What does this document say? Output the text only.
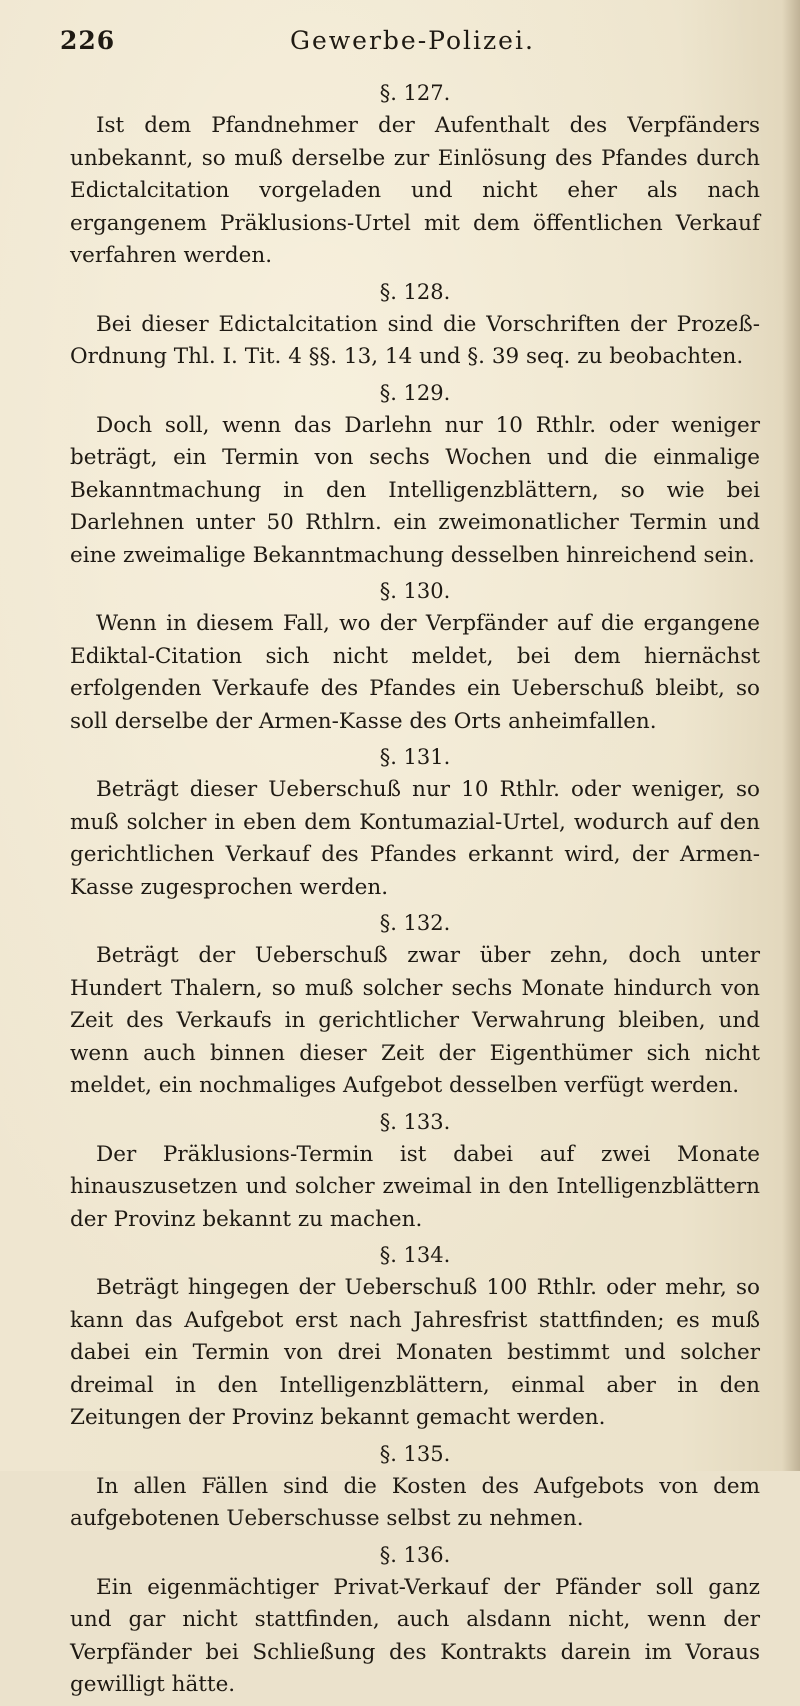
226	Gewerbe-Polizei.
§. 127.
Ist dem Pfandnehmer der Aufenthalt des Verpfänders unbekannt, so muß derselbe zur Einlösung des Pfandes durch Edictalcitation vorgeladen und nicht eher als nach ergangenem Präklusions-Urtel mit dem öffentlichen Verkauf verfahren werden.
§. 128.
Bei dieser Edictalcitation sind die Vorschriften der Prozeß-Ordnung Thl. I. Tit. 4 §§. 13, 14 und §. 39 seq. zu beobachten.
§. 129.
Doch soll, wenn das Darlehn nur 10 Rthlr. oder weniger beträgt, ein Termin von sechs Wochen und die einmalige Bekanntmachung in den Intelligenzblättern, so wie bei Darlehnen unter 50 Rthlrn. ein zweimonatlicher Termin und eine zweimalige Bekanntmachung desselben hinreichend sein.
§. 130.
Wenn in diesem Fall, wo der Verpfänder auf die ergangene Ediktal-Citation sich nicht meldet, bei dem hiernächst erfolgenden Verkaufe des Pfandes ein Ueberschuß bleibt, so soll derselbe der Armen-Kasse des Orts anheimfallen.
§. 131.
Beträgt dieser Ueberschuß nur 10 Rthlr. oder weniger, so muß solcher in eben dem Kontumazial-Urtel, wodurch auf den gerichtlichen Verkauf des Pfandes erkannt wird, der Armen-Kasse zugesprochen werden.
§. 132.
Beträgt der Ueberschuß zwar über zehn, doch unter Hundert Thalern, so muß solcher sechs Monate hindurch von Zeit des Verkaufs in gerichtlicher Verwahrung bleiben, und wenn auch binnen dieser Zeit der Eigenthümer sich nicht meldet, ein nochmaliges Aufgebot desselben verfügt werden.
§. 133.
Der Präklusions-Termin ist dabei auf zwei Monate hinauszusetzen und solcher zweimal in den Intelligenzblättern der Provinz bekannt zu machen.
§. 134.
Beträgt hingegen der Ueberschuß 100 Rthlr. oder mehr, so kann das Aufgebot erst nach Jahresfrist stattfinden; es muß dabei ein Termin von drei Monaten bestimmt und solcher dreimal in den Intelligenzblättern, einmal aber in den Zeitungen der Provinz bekannt gemacht werden.
§. 135.
In allen Fällen sind die Kosten des Aufgebots von dem aufgebotenen Ueberschusse selbst zu nehmen.
§. 136.
Ein eigenmächtiger Privat-Verkauf der Pfänder soll ganz und gar nicht stattfinden, auch alsdann nicht, wenn der Verpfänder bei Schließung des Kontrakts darein im Voraus gewilligt hätte.
